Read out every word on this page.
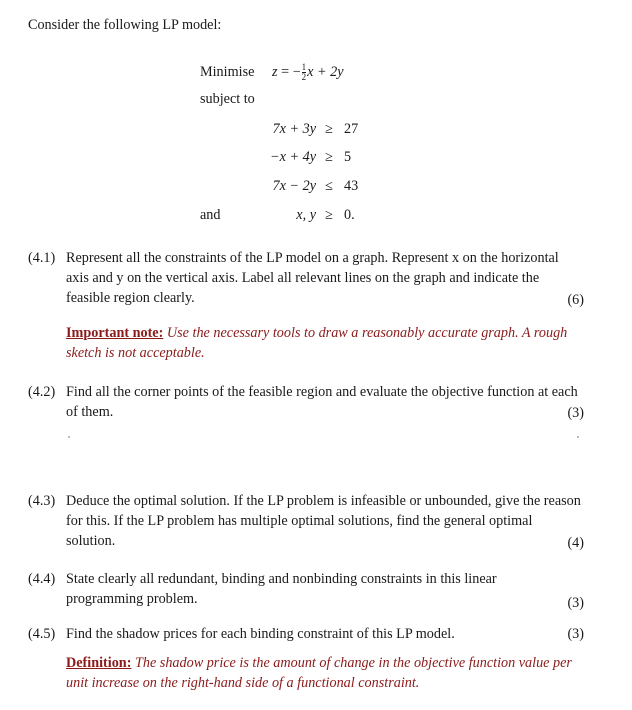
Consider the following LP model:
Minimise z = − $\frac{1}{2}$ x + 2y
subject to
7x + 3y ≥ 27
−x + 4y ≥ 5
7x − 2y ≤ 43
and	x, y ≥ 0.
(4.1) Represent all the constraints of the LP model on a graph. Represent x on the horizontal axis and y on the vertical axis. Label all relevant lines on the graph and indicate the feasible region clearly.	(6)
Important note: Use the necessary tools to draw a reasonably accurate graph. A rough sketch is not acceptable.
(4.2) Find all the corner points of the feasible region and evaluate the objective function at each of them.	(3)
(4.3) Deduce the optimal solution. If the LP problem is infeasible or unbounded, give the reason for this. If the LP problem has multiple optimal solutions, find the general optimal solution.	(4)
(4.4) State clearly all redundant, binding and nonbinding constraints in this linear programming problem.	(3)
(4.5) Find the shadow prices for each binding constraint of this LP model.	(3)
Definition: The shadow price is the amount of change in the objective function value per unit increase on the right-hand side of a functional constraint.
